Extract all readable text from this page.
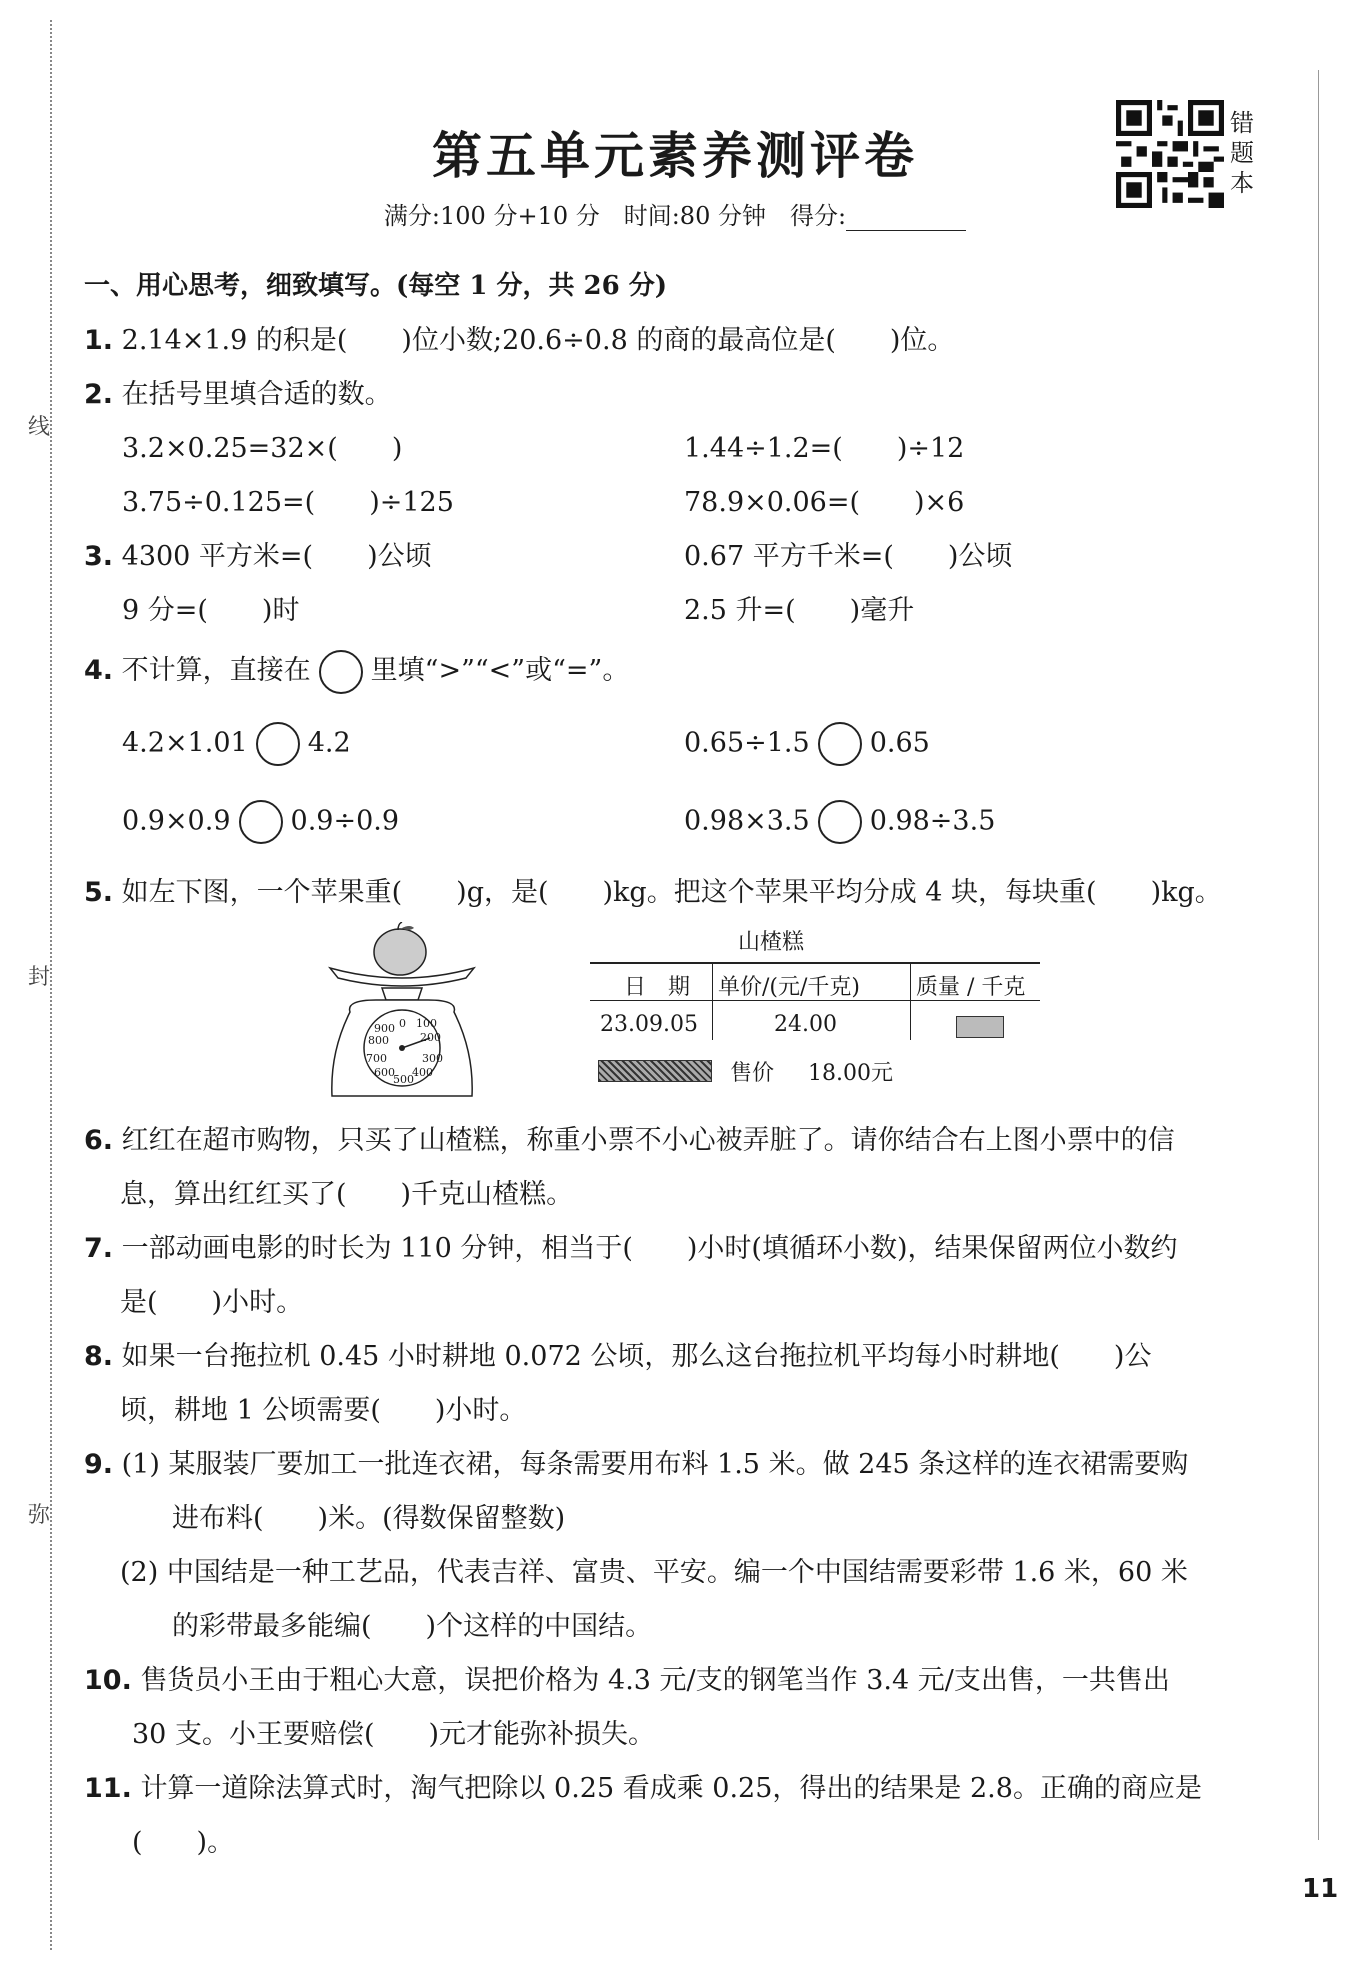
线
封
弥
第五单元素养测评卷
满分:100 分+10 分　时间:80 分钟　得分:
错题本
一、用心思考，细致填写。(每空 1 分，共 26 分)
1. 2.14×1.9 的积是(　　)位小数;20.6÷0.8 的商的最高位是(　　)位。
2. 在括号里填合适的数。
3.2×0.25=32×(　　)	1.44÷1.2=(　　)÷12
3.75÷0.125=(　　)÷125	78.9×0.06=(　　)×6
3. 4300 平方米=(　　)公顷	0.67 平方千米=(　　)公顷
9 分=(　　)时	2.5 升=(　　)毫升
4. 不计算，直接在 里填“>”“<”或“=”。
4.2×1.01 4.2	0.65÷1.5 0.65
0.9×0.9 0.9÷0.9	0.98×3.5 0.98÷3.5
5. 如左下图，一个苹果重(　　)g，是(　　)kg。把这个苹果平均分成 4 块，每块重(　　)kg。
0
900 100
800	200
700	300
600 400
500
山楂糕
日　期 单价/(元/千克)	质量 / 千克
23.09.05	24.00
售价 18.00元
6. 红红在超市购物，只买了山楂糕，称重小票不小心被弄脏了。请你结合右上图小票中的信
息，算出红红买了(　　)千克山楂糕。
7. 一部动画电影的时长为 110 分钟，相当于(　　)小时(填循环小数)，结果保留两位小数约
是(　　)小时。
8. 如果一台拖拉机 0.45 小时耕地 0.072 公顷，那么这台拖拉机平均每小时耕地(　　)公
顷，耕地 1 公顷需要(　　)小时。
9. (1) 某服装厂要加工一批连衣裙，每条需要用布料 1.5 米。做 245 条这样的连衣裙需要购
进布料(　　)米。(得数保留整数)
(2) 中国结是一种工艺品，代表吉祥、富贵、平安。编一个中国结需要彩带 1.6 米，60 米
的彩带最多能编(　　)个这样的中国结。
10. 售货员小王由于粗心大意，误把价格为 4.3 元/支的钢笔当作 3.4 元/支出售，一共售出
30 支。小王要赔偿(　　)元才能弥补损失。
11. 计算一道除法算式时，淘气把除以 0.25 看成乘 0.25，得出的结果是 2.8。正确的商应是
(　　)。
11
